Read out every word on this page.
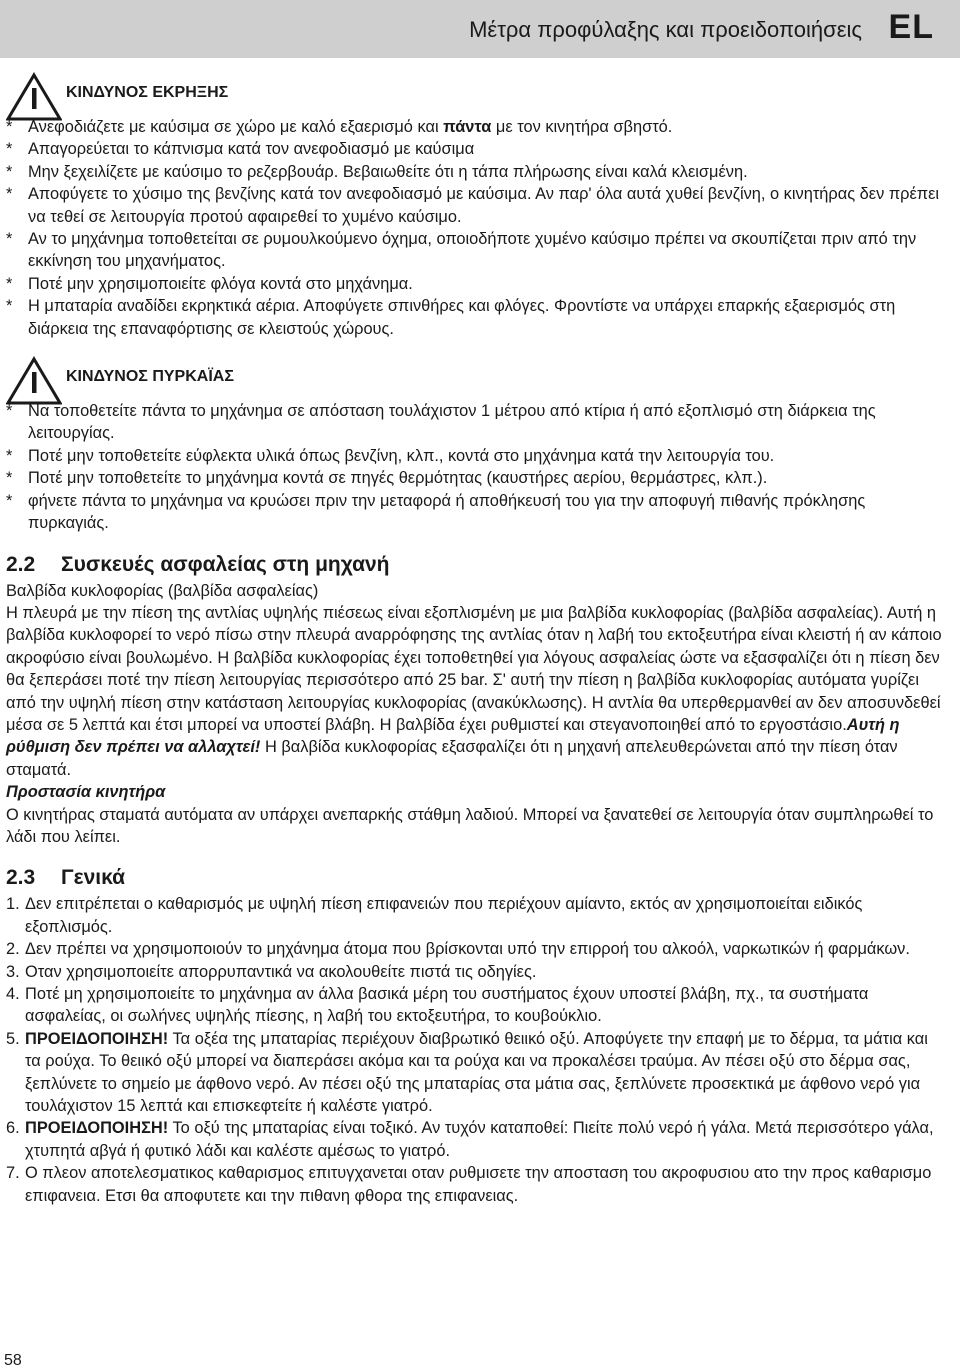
Μέτρα προφύλαξης και προειδοποιήσεις EL
ΚΙΝΔΥΝΟΣ ΕΚΡΗΞΗΣ
* Ανεφοδιάζετε με καύσιμα σε χώρο με καλό εξαερισμό και πάντα με τον κινητήρα σβηστό.
* Απαγορεύεται το κάπνισμα κατά τον ανεφοδιασμό με καύσιμα
* Μην ξεχειλίζετε με καύσιμο το ρεζερβουάρ. Βεβαιωθείτε ότι η τάπα πλήρωσης είναι καλά κλεισμένη.
* Αποφύγετε το χύσιμο της βενζίνης κατά τον ανεφοδιασμό με καύσιμα. Αν παρ' όλα αυτά χυθεί βενζίνη, ο κινητήρας δεν πρέπει να τεθεί σε λειτουργία προτού αφαιρεθεί το χυμένο καύσιμο.
* Αν το μηχάνημα τοποθετείται σε ρυμουλκούμενο όχημα, οποιοδήποτε χυμένο καύσιμο πρέπει να σκουπίζεται πριν από την εκκίνηση του μηχανήματος.
* Ποτέ μην χρησιμοποιείτε φλόγα κοντά στο μηχάνημα.
* Η μπαταρία αναδίδει εκρηκτικά αέρια. Αποφύγετε σπινθήρες και φλόγες. Φροντίστε να υπάρχει επαρκής εξαερισμός στη διάρκεια της επαναφόρτισης σε κλειστούς χώρους.
ΚΙΝΔΥΝΟΣ ΠΥΡΚΑΪΑΣ
* Να τοποθετείτε πάντα το μηχάνημα σε απόσταση τουλάχιστον 1 μέτρου από κτίρια ή από εξοπλισμό στη διάρκεια της λειτουργίας.
* Ποτέ μην τοποθετείτε εύφλεκτα υλικά όπως βενζίνη, κλπ., κοντά στο μηχάνημα κατά την λειτουργία του.
* Ποτέ μην τοποθετείτε το μηχάνημα κοντά σε πηγές θερμότητας (καυστήρες αερίου, θερμάστρες, κλπ.).
* φήνετε πάντα το μηχάνημα να κρυώσει πριν την μεταφορά ή αποθήκευσή του για την αποφυγή πιθανής πρόκλησης πυρκαγιάς.
2.2 Συσκευές ασφαλείας στη μηχανή

Βαλβίδα κυκλοφορίας (βαλβίδα ασφαλείας)

Η πλευρά με την πίεση της αντλίας υψηλής πιέσεως είναι εξοπλισμένη με μια βαλβίδα κυκλοφορίας (βαλβίδα ασφαλείας). Αυτή η βαλβίδα κυκλοφορεί το νερό πίσω στην πλευρά αναρρόφησης της αντλίας όταν η λαβή του εκτοξευτήρα είναι κλειστή ή αν κάποιο ακροφύσιο είναι βουλωμένο. Η βαλβίδα κυκλοφορίας έχει τοποθετηθεί για λόγους ασφαλείας ώστε να εξασφαλίζει ότι η πίεση δεν θα ξεπεράσει ποτέ την πίεση λειτουργίας περισσότερο από 25 bar. Σ' αυτή την πίεση η βαλβίδα κυκλοφορίας αυτόματα γυρίζει από την υψηλή πίεση στην κατάσταση λειτουργίας κυκλοφορίας (ανακύκλωσης). Η αντλία θα υπερθερμανθεί αν δεν αποσυνδεθεί μέσα σε 5 λεπτά και έτσι μπορεί να υποστεί βλάβη. Η βαλβίδα έχει ρυθμιστεί και στεγανοποιηθεί από το εργοστάσιο.Αυτή η ρύθμιση δεν πρέπει να αλλαχτεί! Η βαλβίδα κυκλοφορίας εξασφαλίζει ότι η μηχανή απελευθερώνεται από την πίεση όταν σταματά.

Προστασία κινητήρα

Ο κινητήρας σταματά αυτόματα αν υπάρχει ανεπαρκής στάθμη λαδιού. Μπορεί να ξανατεθεί σε λειτουργία όταν συμπληρωθεί το λάδι που λείπει.

2.3 Γενικά
1. Δεν επιτρέπεται ο καθαρισμός με υψηλή πίεση επιφανειών που περιέχουν αμίαντο, εκτός αν χρησιμοποιείται ειδικός εξοπλισμός.
2. Δεν πρέπει να χρησιμοποιούν το μηχάνημα άτομα που βρίσκονται υπό την επιρροή του αλκοόλ, ναρκωτικών ή φαρμάκων.
3. Οταν χρησιμοποιείτε απορρυπαντικά να ακολουθείτε πιστά τις οδηγίες.
4. Ποτέ μη χρησιμοποιείτε το μηχάνημα αν άλλα βασικά μέρη του συστήματος έχουν υποστεί βλάβη, πχ., τα συστήματα ασφαλείας, οι σωλήνες υψηλής πίεσης, η λαβή του εκτοξευτήρα, το κουβούκλιο.
5. ΠΡΟΕΙΔΟΠΟΙΗΣΗ! Τα οξέα της μπαταρίας περιέχουν διαβρωτικό θειικό οξύ. Αποφύγετε την επαφή με το δέρμα, τα μάτια και τα ρούχα. Το θειικό οξύ μπορεί να διαπεράσει ακόμα και τα ρούχα και να προκαλέσει τραύμα. Αν πέσει οξύ στο δέρμα σας, ξεπλύνετε το σημείο με άφθονο νερό. Αν πέσει οξύ της μπαταρίας στα μάτια σας, ξεπλύνετε προσεκτικά με άφθονο νερό για τουλάχιστον 15 λεπτά και επισκεφτείτε ή καλέστε γιατρό.
6. ΠΡΟΕΙΔΟΠΟΙΗΣΗ! Το οξύ της μπαταρίας είναι τοξικό. Αν τυχόν καταποθεί: Πιείτε πολύ νερό ή γάλα. Μετά περισσότερο γάλα, χτυπητά αβγά ή φυτικό λάδι και καλέστε αμέσως το γιατρό.
7. Ο πλεον αποτελεσματικος καθαρισμος επιτυγχανεται οταν ρυθμισετε την αποσταση του ακροφυσιου ατο την προς καθαρισμο επιφανεια. Ετσι θα αποφυτετε και την πιθανη φθορα της επιφανειας.
58
